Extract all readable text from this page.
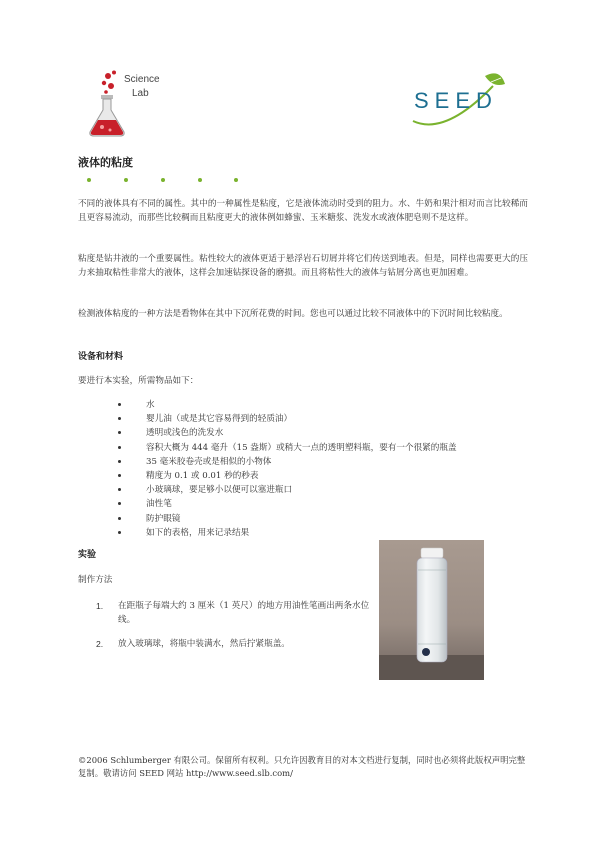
Science
Lab	SEED
液体的粘度
不同的液体具有不同的属性。其中的一种属性是粘度，它是液体流动时受到的阻力。水、牛奶和果汁相对而言比较稀而且更容易流动，而那些比较稠而且粘度更大的液体例如蜂蜜、玉米糖浆、洗发水或液体肥皂则不是这样。
粘度是钻井液的一个重要属性。粘性较大的液体更适于悬浮岩石切屑并将它们传送到地表。但是，同样也需要更大的压力来抽取粘性非常大的液体，这样会加速钻探设备的磨损。而且将粘性大的液体与钻屑分离也更加困难。
检测液体粘度的一种方法是看物体在其中下沉所花费的时间。您也可以通过比较不同液体中的下沉时间比较粘度。
设备和材料
要进行本实验，所需物品如下：
水
婴儿油（或是其它容易得到的轻质油）
透明或浅色的洗发水
容积大概为 444 毫升（15 盎斯）或稍大一点的透明塑料瓶，要有一个很紧的瓶盖
35 毫米胶卷壳或是相似的小物体
精度为 0.1 或 0.01 秒的秒表
小玻璃球，要足够小以便可以塞进瓶口
油性笔
防护眼镜
如下的表格，用来记录结果
实验
制作方法
1. 在距瓶子每端大约 3 厘米（1 英尺）的地方用油性笔画出两条水位线。
2. 放入玻璃球，将瓶中装满水，然后拧紧瓶盖。
©2006 Schlumberger 有限公司。保留所有权利。只允许因教育目的对本文档进行复制，同时也必须将此版权声明完整复制。敬请访问 SEED 网站 http://www.seed.slb.com/
